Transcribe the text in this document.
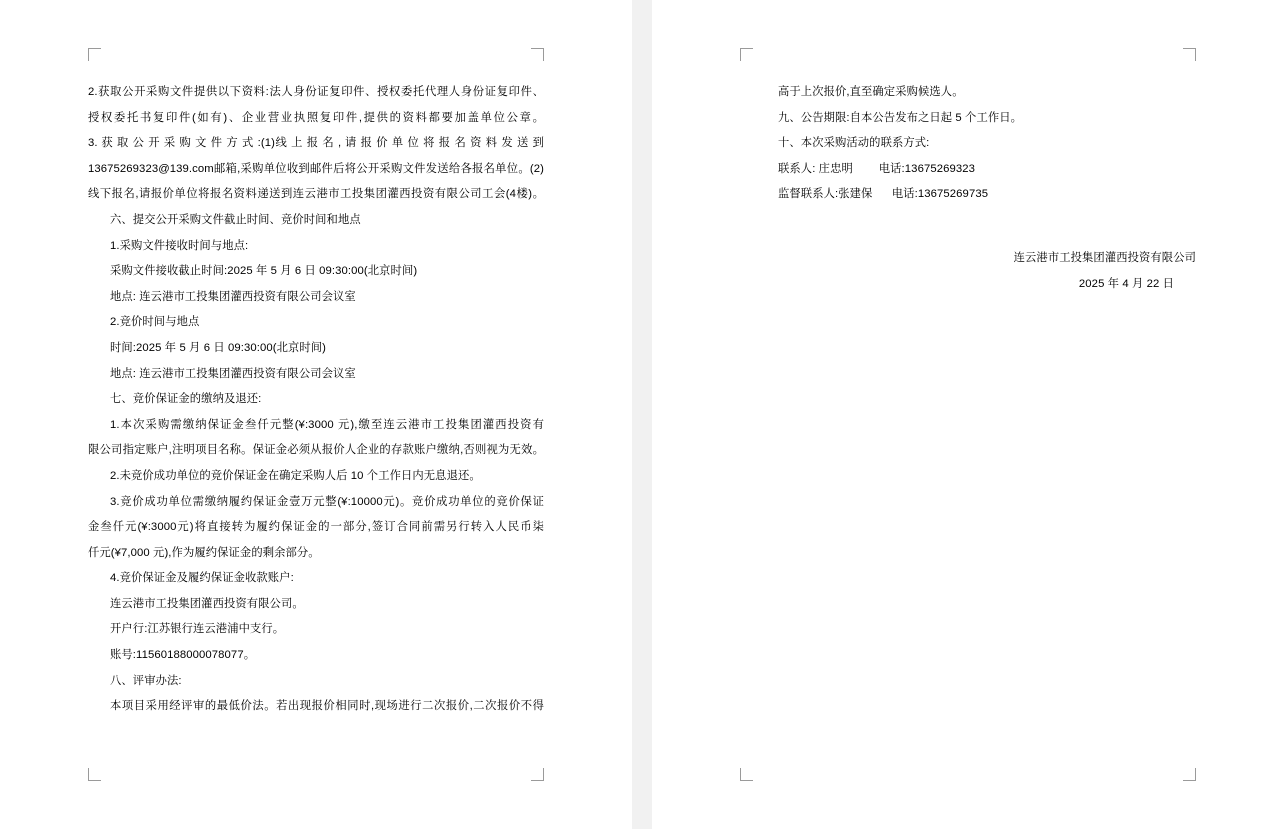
2.获取公开采购文件提供以下资料:法人身份证复印件、授权委托代理人身份证复印件、

授权委托书复印件(如有)、企业营业执照复印件,提供的资料都要加盖单位公章。

3. 获 取 公 开 采 购 文 件 方 式 :(1)线 上 报 名 , 请 报 价 单 位 将 报 名 资 料 发 送 到

13675269323@139.com邮箱,采购单位收到邮件后将公开采购文件发送给各报名单位。(2)

线下报名,请报价单位将报名资料递送到连云港市工投集团灌西投资有限公司工会(4楼)。

六、提交公开采购文件截止时间、竞价时间和地点

1.采购文件接收时间与地点:

采购文件接收截止时间:2025 年 5 月 6 日 09:30:00(北京时间)

地点: 连云港市工投集团灌西投资有限公司会议室

2.竞价时间与地点

时间:2025 年 5 月 6 日 09:30:00(北京时间)

地点: 连云港市工投集团灌西投资有限公司会议室

七、竞价保证金的缴纳及退还:

1.本次采购需缴纳保证金叁仟元整(¥:3000 元),缴至连云港市工投集团灌西投资有

限公司指定账户,注明项目名称。保证金必须从报价人企业的存款账户缴纳,否则视为无效。

2.未竞价成功单位的竞价保证金在确定采购人后 10 个工作日内无息退还。

3.竞价成功单位需缴纳履约保证金壹万元整(¥:10000元)。竞价成功单位的竞价保证

金叁仟元(¥:3000元)将直接转为履约保证金的一部分,签订合同前需另行转入人民币柒

仟元(¥7,000 元),作为履约保证金的剩余部分。

4.竞价保证金及履约保证金收款账户:

连云港市工投集团灌西投资有限公司。

开户行:江苏银行连云港浦中支行。

账号:11560188000078077。

八、评审办法:

本项目采用经评审的最低价法。若出现报价相同时,现场进行二次报价,二次报价不得

高于上次报价,直至确定采购候选人。

九、公告期限:自本公告发布之日起 5 个工作日。

十、本次采购活动的联系方式:

联系人: 庄忠明        电话:13675269323

监督联系人:张建保      电话:13675269735

连云港市工投集团灌西投资有限公司

2025 年 4 月 22 日
